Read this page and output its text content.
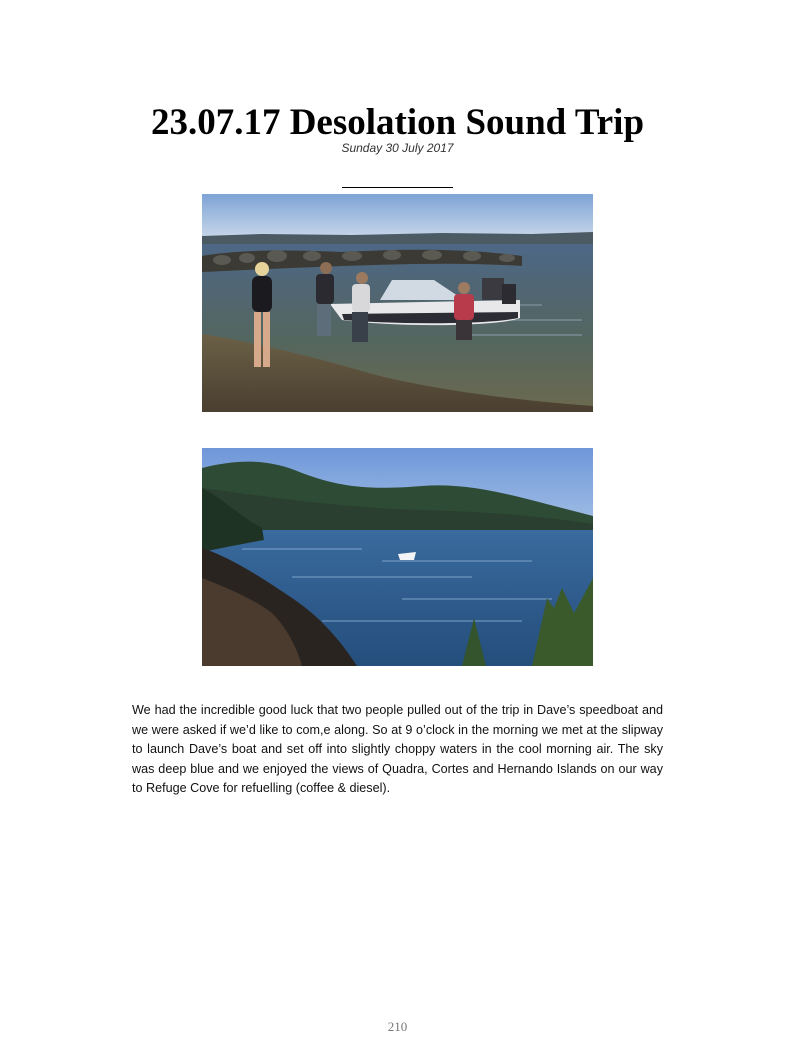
23.07.17 Desolation Sound Trip
Sunday 30 July 2017

We had the incredible good luck that two people pulled out of the trip in Dave’s speedboat and we were asked if we’d like to com,e along. So at 9 o’clock in the morning we met at the slipway to launch Dave’s boat and set off into slightly choppy waters in the cool morning air. The sky was deep blue and we enjoyed the views of Quadra, Cortes and Hernando Islands on our way to Refuge Cove for refuelling (coffee & diesel).

210
